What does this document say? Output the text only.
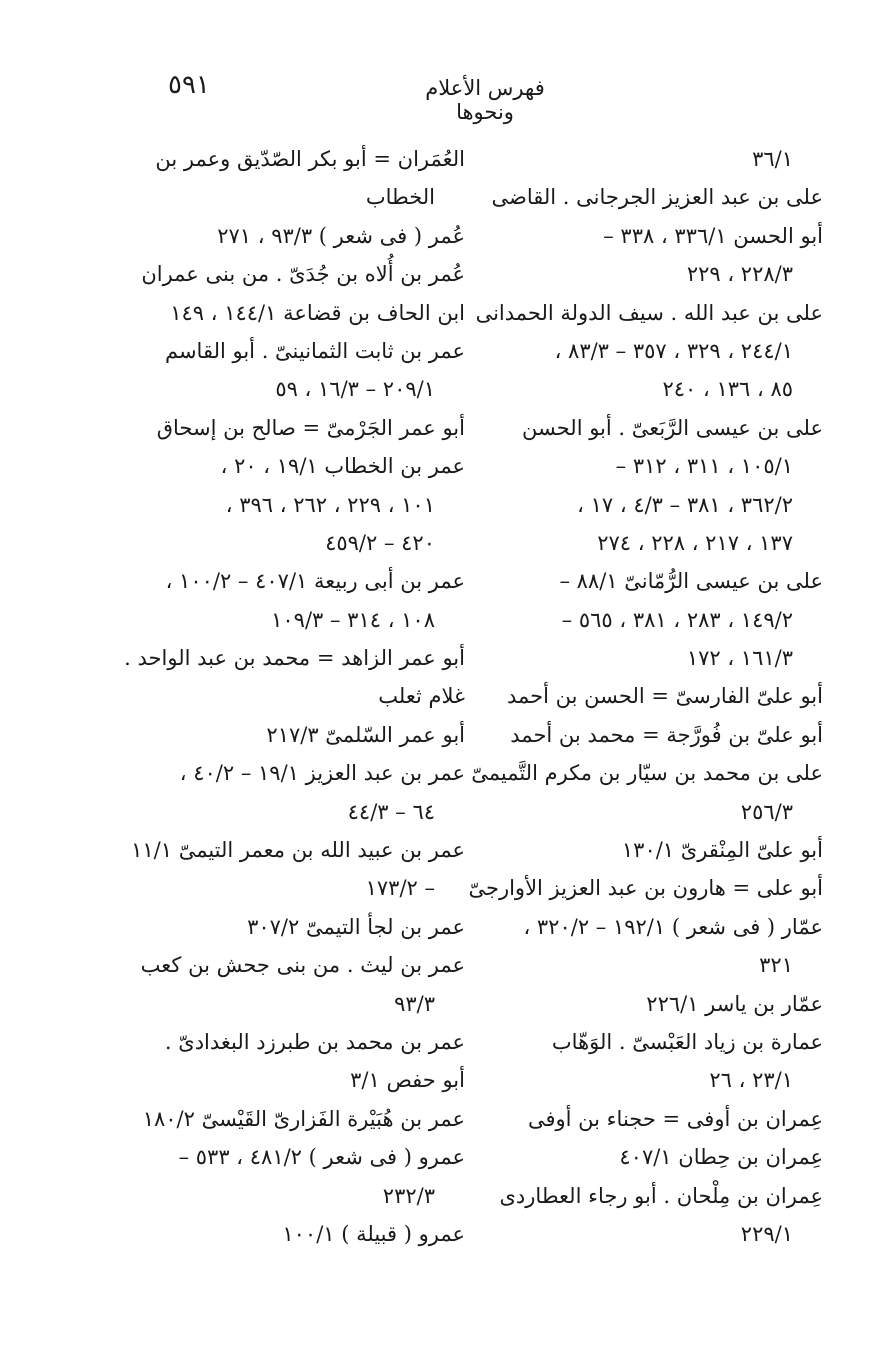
٥٩١	فهرس الأعلام ونحوها
٣٦/١
على بن عبد العزيز الجرجانى . القاضى
أبو الحسن ٣٣٦/١ ، ٣٣٨ –
٢٢٨/٣ ، ٢٢٩
على بن عبد الله . سيف الدولة الحمدانى
٢٤٤/١ ، ٣٢٩ ، ٣٥٧ – ٨٣/٣ ،
٨٥ ، ١٣٦ ، ٢٤٠
على بن عيسى الرَّبَعىّ . أبو الحسن
١٠٥/١ ، ٣١١ ، ٣١٢ –
٣٦٢/٢ ، ٣٨١ – ٤/٣ ، ١٧ ،
١٣٧ ، ٢١٧ ، ٢٢٨ ، ٢٧٤
على بن عيسى الرُّمّانىّ ٨٨/١ –
١٤٩/٢ ، ٢٨٣ ، ٣٨١ ، ٥٦٥ –
١٦١/٣ ، ١٧٢
أبو علىّ الفارسىّ = الحسن بن أحمد
أبو علىّ بن فُورَّجة = محمد بن أحمد
على بن محمد بن سيّار بن مكرم التَّميمىّ
٢٥٦/٣
أبو علىّ المِنْقرىّ ١٣٠/١
أبو على = هارون بن عبد العزيز الأوارجىّ
عمّار ( فى شعر ) ١٩٢/١ – ٣٢٠/٢ ،
٣٢١
عمّار بن ياسر ٢٢٦/١
عمارة بن زياد العَبْسىّ . الوَهّاب
٢٣/١ ، ٢٦
عِمران بن أوفى = حجناء بن أوفى
عِمران بن حِطان ٤٠٧/١
عِمران بن مِلْحان . أبو رجاء العطاردى
٢٢٩/١
العُمَران = أبو بكر الصّدّيق وعمر بن
الخطاب
عُمر ( فى شعر ) ٩٣/٣ ، ٢٧١
عُمر بن أُلاه بن جُدَىّ . من بنى عمران
ابن الحاف بن قضاعة ١٤٤/١ ، ١٤٩
عمر بن ثابت الثمانينىّ . أبو القاسم
٢٠٩/١ – ١٦/٣ ، ٥٩
أبو عمر الجَرْمىّ = صالح بن إسحاق
عمر بن الخطاب ١٩/١ ، ٢٠ ،
١٠١ ، ٢٢٩ ، ٢٦٢ ، ٣٩٦ ،
٤٢٠ – ٤٥٩/٢
عمر بن أبى ربيعة ٤٠٧/١ – ١٠٠/٢ ،
١٠٨ ، ٣١٤ – ١٠٩/٣
أبو عمر الزاهد = محمد بن عبد الواحد .
غلام ثعلب
أبو عمر السّلمىّ ٢١٧/٣
عمر بن عبد العزيز ١٩/١ – ٤٠/٢ ،
٦٤ – ٤٤/٣
عمر بن عبيد الله بن معمر التيمىّ ١١/١
– ١٧٣/٢
عمر بن لجأ التيمىّ ٣٠٧/٢
عمر بن ليث . من بنى جحش بن كعب
٩٣/٣
عمر بن محمد بن طبرزد البغدادىّ .
أبو حفص ٣/١
عمر بن هُبَيْرة الفَزارىّ القَيْسىّ ١٨٠/٢
عمرو ( فى شعر ) ٤٨١/٢ ، ٥٣٣ –
٢٣٢/٣
عمرو ( قبيلة ) ١٠٠/١
